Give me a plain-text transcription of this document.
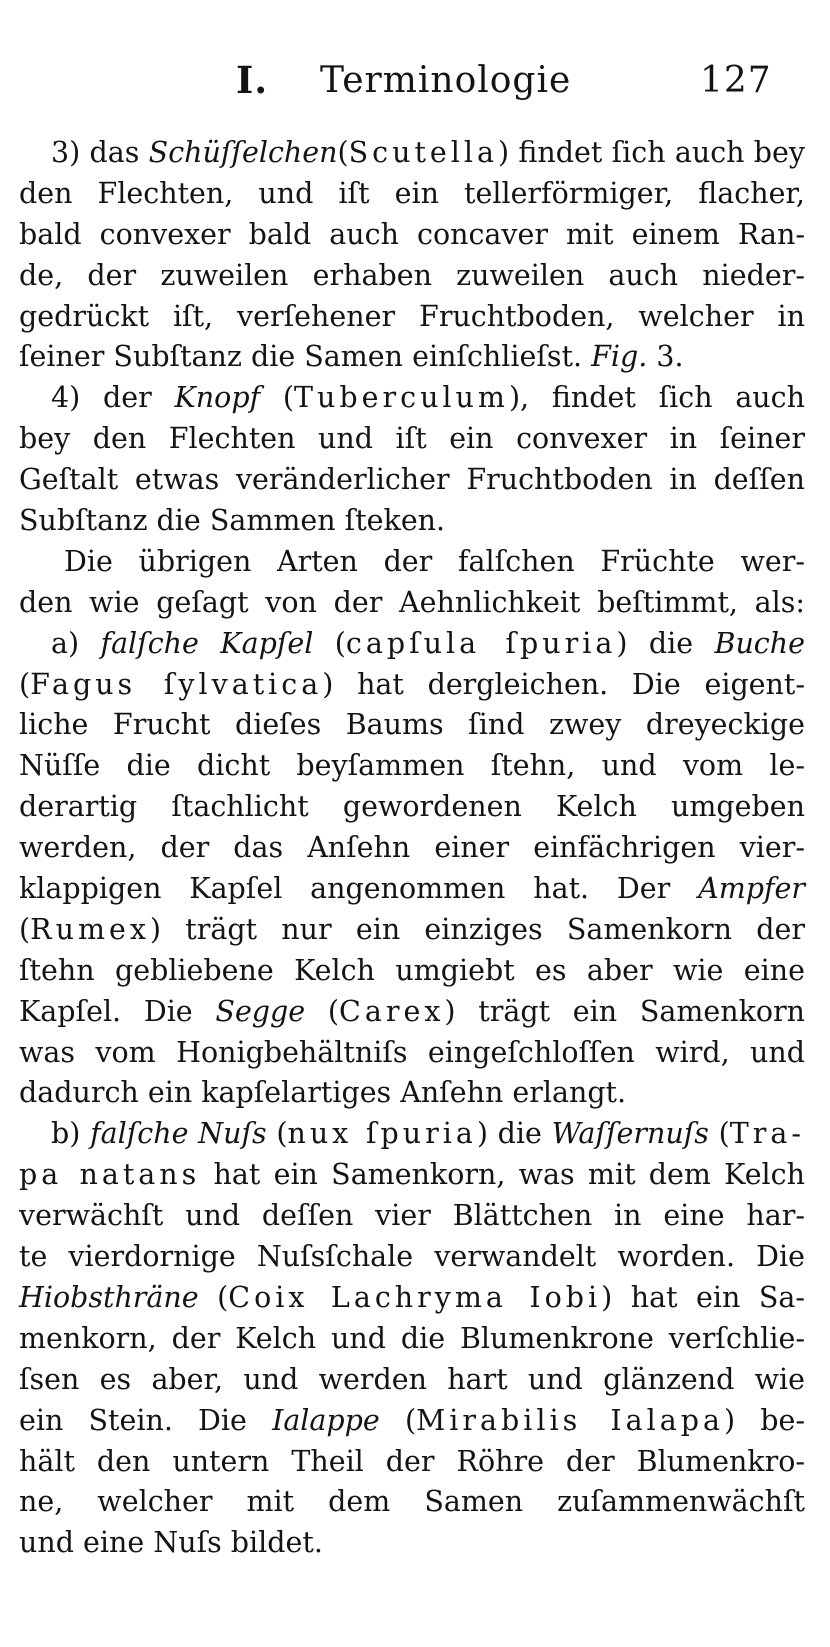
I. Terminologie	127
3) das Schüſſelchen(Scutella) findet ſich auch bey
den Flechten, und iſt ein tellerförmiger, flacher,
bald convexer bald auch concaver mit einem Ran-
de, der zuweilen erhaben zuweilen auch nieder-
gedrückt iſt, verſehener Fruchtboden, welcher in
ſeiner Subſtanz die Samen einſchlieſst. Fig. 3.
4) der Knopf (Tuberculum), findet ſich auch
bey den Flechten und iſt ein convexer in ſeiner
Geſtalt etwas veränderlicher Fruchtboden in deſſen
Subſtanz die Sammen ſteken.
Die übrigen Arten der falſchen Früchte wer-
den wie geſagt von der Aehnlichkeit beſtimmt, als:
a) falſche Kapſel (capſula ſpuria) die Buche
(Fagus ſylvatica) hat dergleichen. Die eigent-
liche Frucht dieſes Baums ſind zwey dreyeckige
Nüſſe die dicht beyſammen ſtehn, und vom le-
derartig ſtachlicht gewordenen Kelch umgeben
werden, der das Anſehn einer einfächrigen vier-
klappigen Kapſel angenommen hat. Der Ampfer
(Rumex) trägt nur ein einziges Samenkorn der
ſtehn gebliebene Kelch umgiebt es aber wie eine
Kapſel. Die Segge (Carex) trägt ein Samenkorn
was vom Honigbehältniſs eingeſchloſſen wird, und
dadurch ein kapſelartiges Anſehn erlangt.
b) falſche Nuſs (nux ſpuria) die Waſſernuſs (Tra-
pa natans hat ein Samenkorn, was mit dem Kelch
verwächſt und deſſen vier Blättchen in eine har-
te vierdornige Nuſsſchale verwandelt worden. Die
Hiobsthräne (Coix Lachryma Iobi) hat ein Sa-
menkorn, der Kelch und die Blumenkrone verſchlie-
ſsen es aber, und werden hart und glänzend wie
ein Stein. Die Ialappe (Mirabilis Ialapa) be-
hält den untern Theil der Röhre der Blumenkro-
ne, welcher mit dem Samen zuſammenwächſt
und eine Nuſs bildet.
